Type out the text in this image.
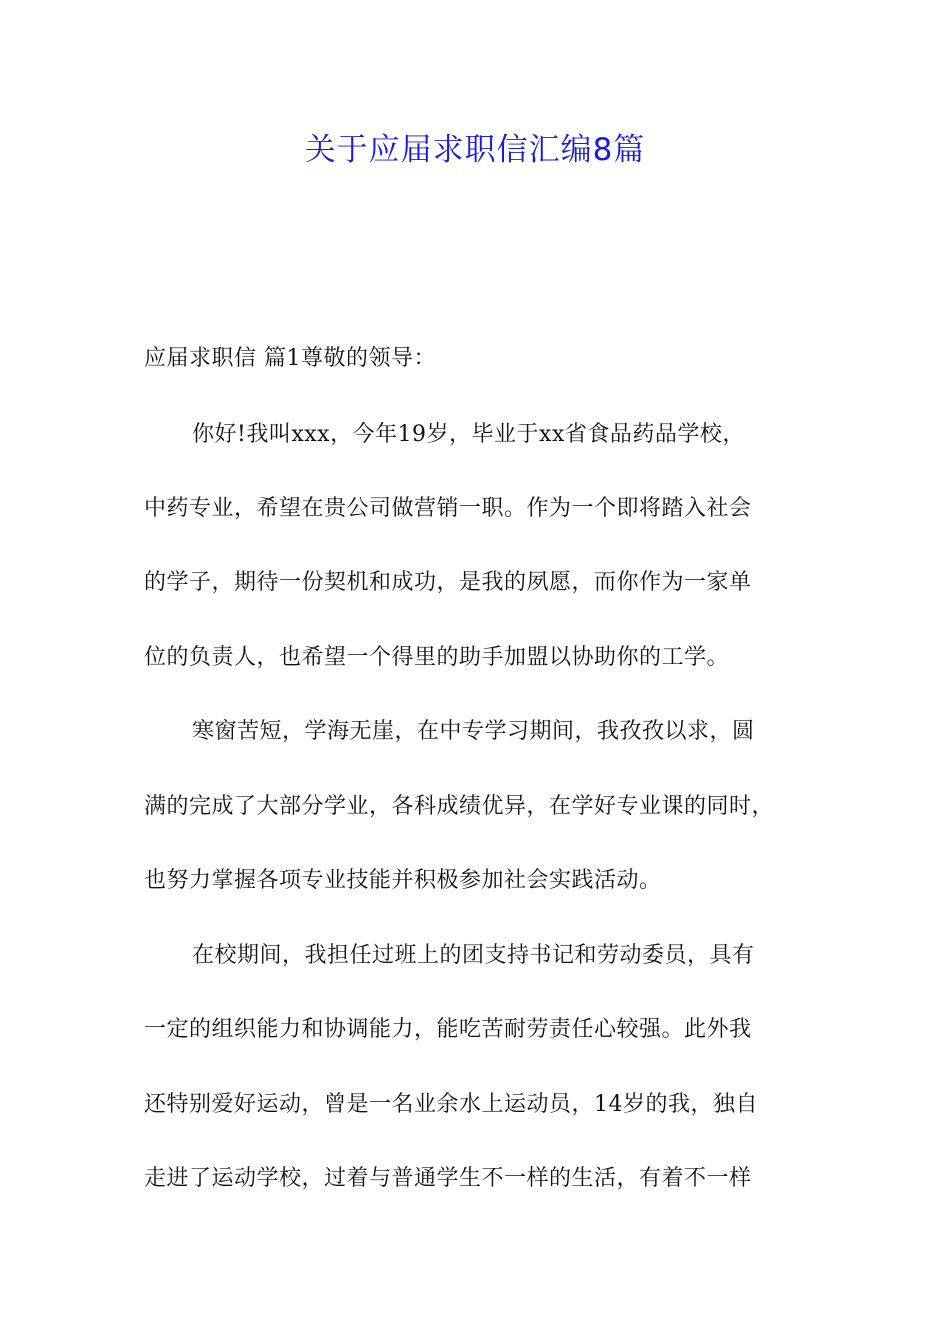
关于应届求职信汇编8篇

应届求职信 篇1尊敬的领导：

你好!我叫xxx，今年19岁，毕业于xx省食品药品学校，

中药专业，希望在贵公司做营销一职。作为一个即将踏入社会

的学子，期待一份契机和成功，是我的夙愿，而你作为一家单

位的负责人，也希望一个得里的助手加盟以协助你的工学。

寒窗苦短，学海无崖，在中专学习期间，我孜孜以求，圆

满的完成了大部分学业，各科成绩优异，在学好专业课的同时，

也努力掌握各项专业技能并积极参加社会实践活动。

在校期间，我担任过班上的团支持书记和劳动委员，具有

一定的组织能力和协调能力，能吃苦耐劳责任心较强。此外我

还特别爱好运动，曾是一名业余水上运动员，14岁的我，独自

走进了运动学校，过着与普通学生不一样的生活，有着不一样
